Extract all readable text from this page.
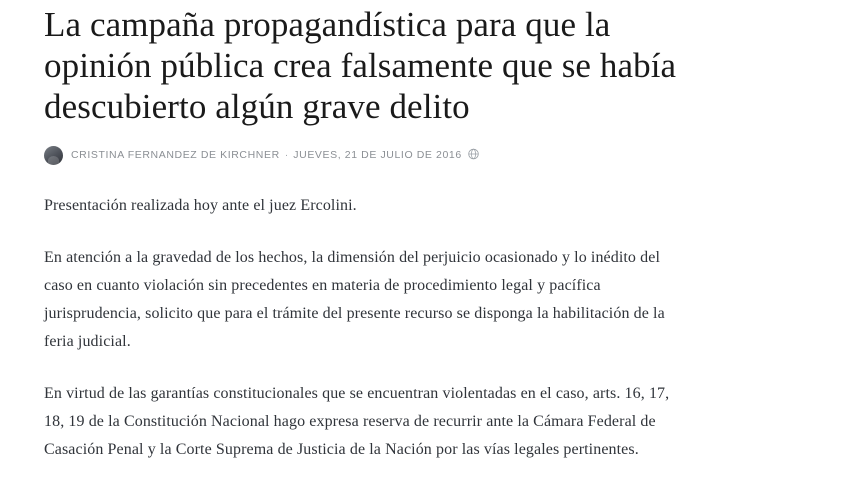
La campaña propagandística para que la opinión pública crea falsamente que se había descubierto algún grave delito
CRISTINA FERNANDEZ DE KIRCHNER · JUEVES, 21 DE JULIO DE 2016

Presentación realizada hoy ante el juez Ercolini.

En atención a la gravedad de los hechos, la dimensión del perjuicio ocasionado y lo inédito del caso en cuanto violación sin precedentes en materia de procedimiento legal y pacífica jurisprudencia, solicito que para el trámite del presente recurso se disponga la habilitación de la feria judicial.

En virtud de las garantías constitucionales que se encuentran violentadas en el caso, arts. 16, 17, 18, 19 de la Constitución Nacional hago expresa reserva de recurrir ante la Cámara Federal de Casación Penal y la Corte Suprema de Justicia de la Nación por las vías legales pertinentes.
